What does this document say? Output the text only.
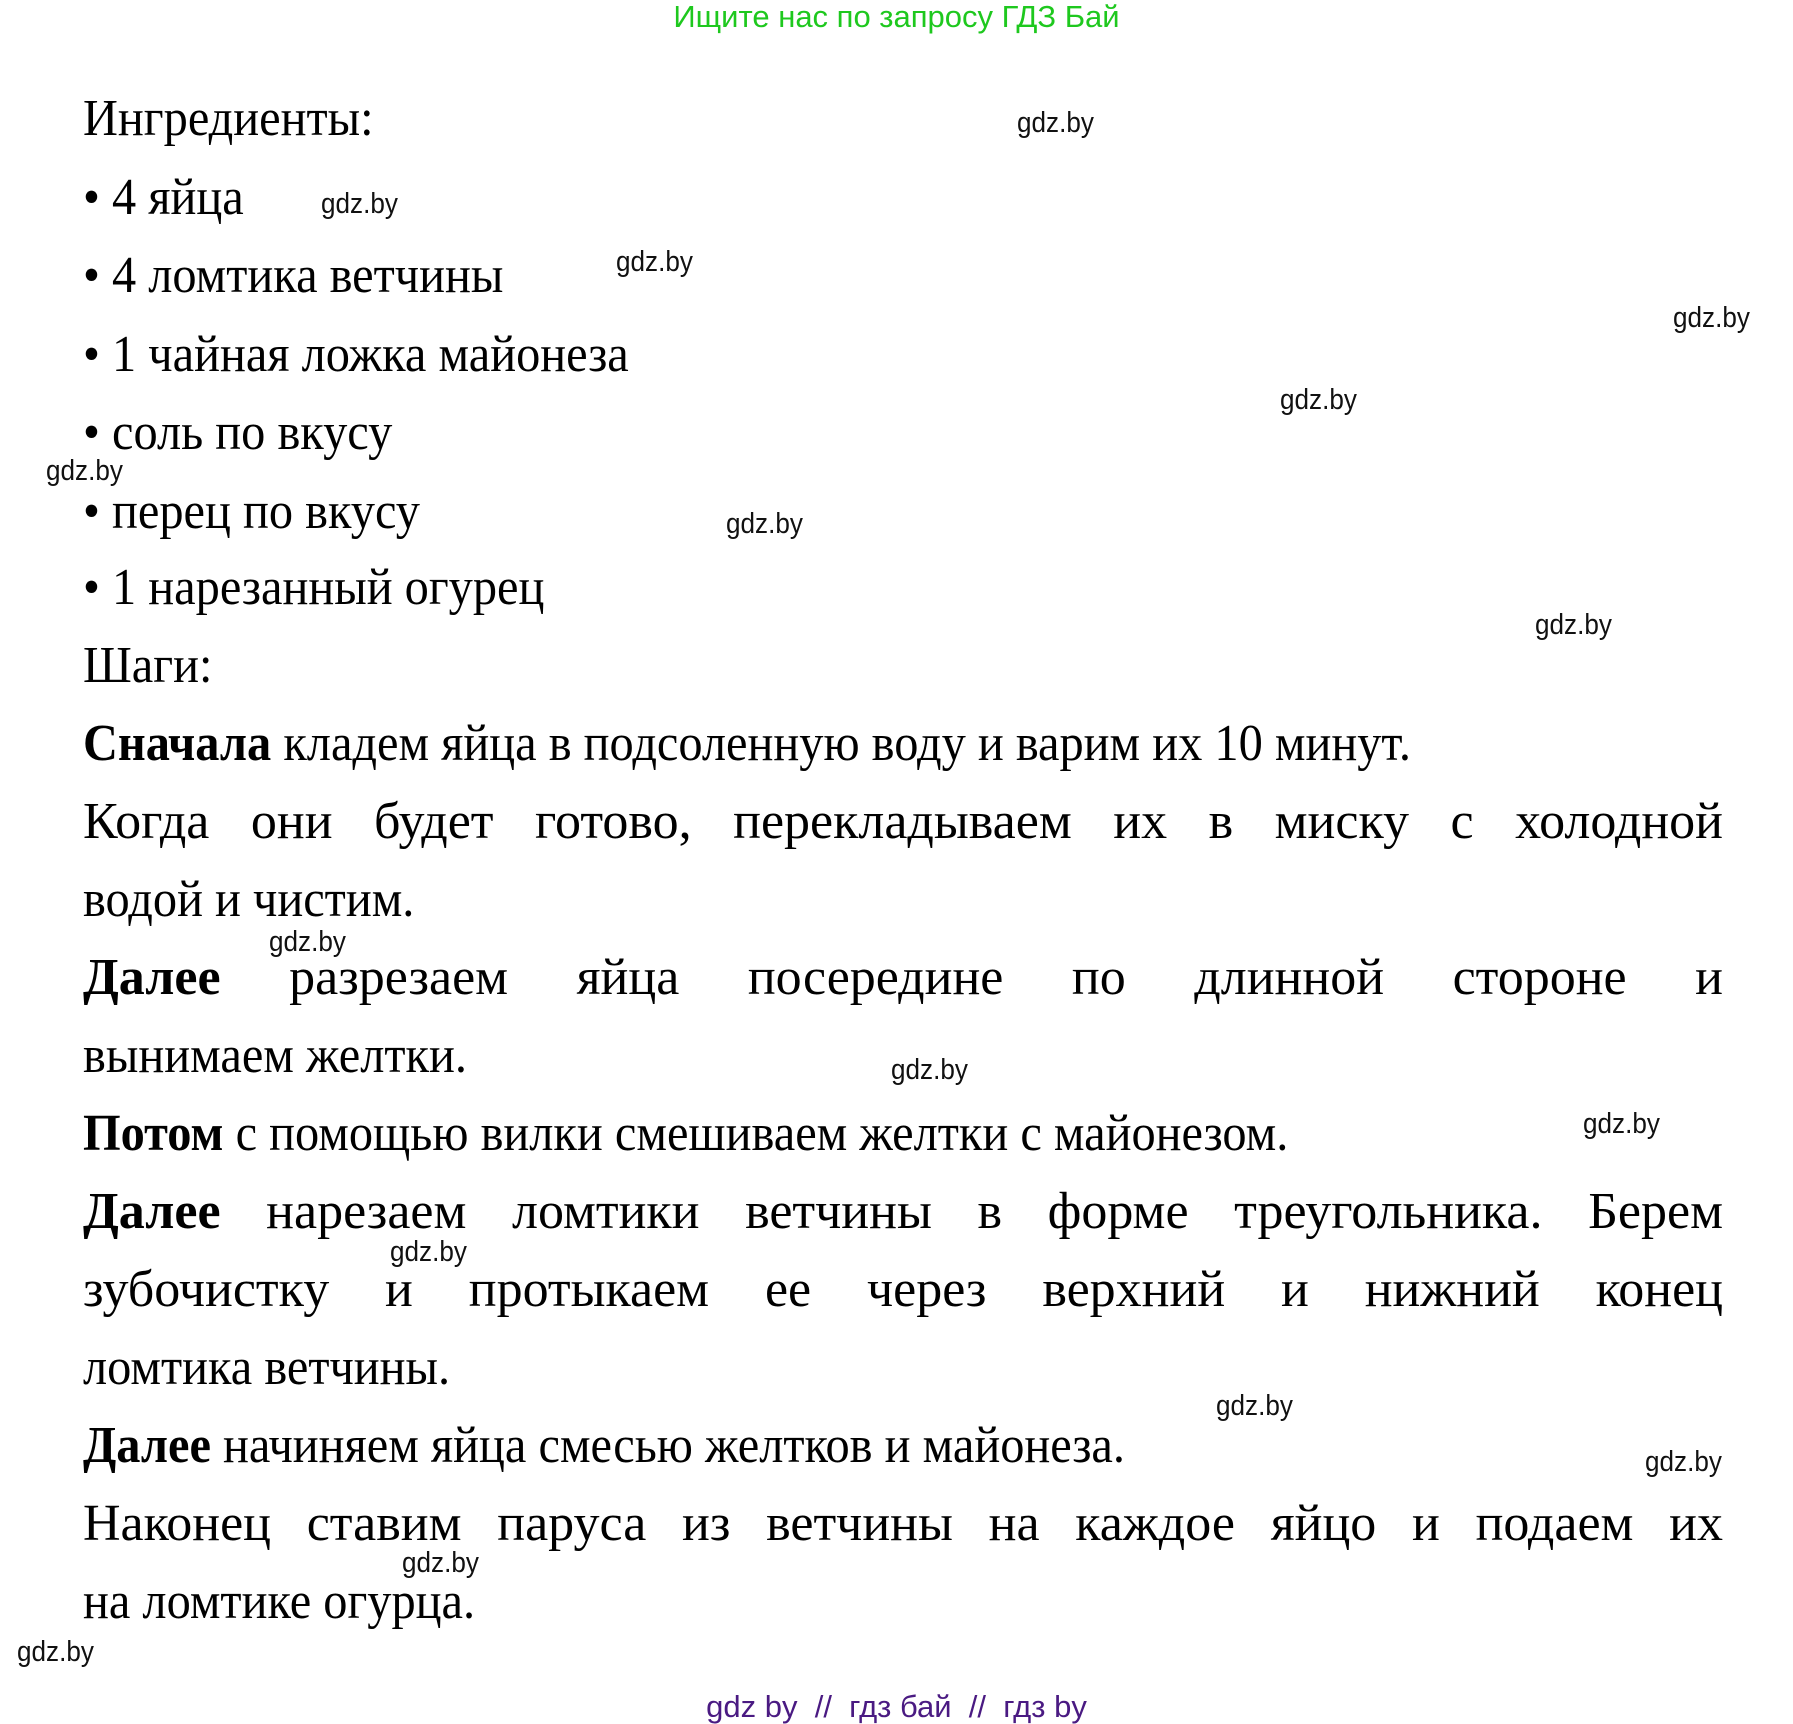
Ищите нас по запросу ГДЗ Бай
Ингредиенты:
• 4 яйца
• 4 ломтика ветчины
• 1 чайная ложка майонеза
• соль по вкусу
• перец по вкусу
• 1 нарезанный огурец
Шаги:
Сначала кладем яйца в подсоленную воду и варим их 10 минут.
Когда они будет готово, перекладываем их в миску с холодной
водой и чистим.
Далее разрезаем яйца посередине по длинной стороне и
вынимаем желтки.
Потом с помощью вилки смешиваем желтки с майонезом.
Далее нарезаем ломтики ветчины в форме треугольника. Берем
зубочистку и протыкаем ее через верхний и нижний конец
ломтика ветчины.
Далее начиняем яйца смесью желтков и майонеза.
Наконец ставим паруса из ветчины на каждое яйцо и подаем их
на ломтике огурца.
gdz.by
gdz.by
gdz.by
gdz.by
gdz.by
gdz.by
gdz.by
gdz.by
gdz.by
gdz.by
gdz.by
gdz.by
gdz.by
gdz.by
gdz.by
gdz.by
gdz by  //  гдз бай  //  гдз by
